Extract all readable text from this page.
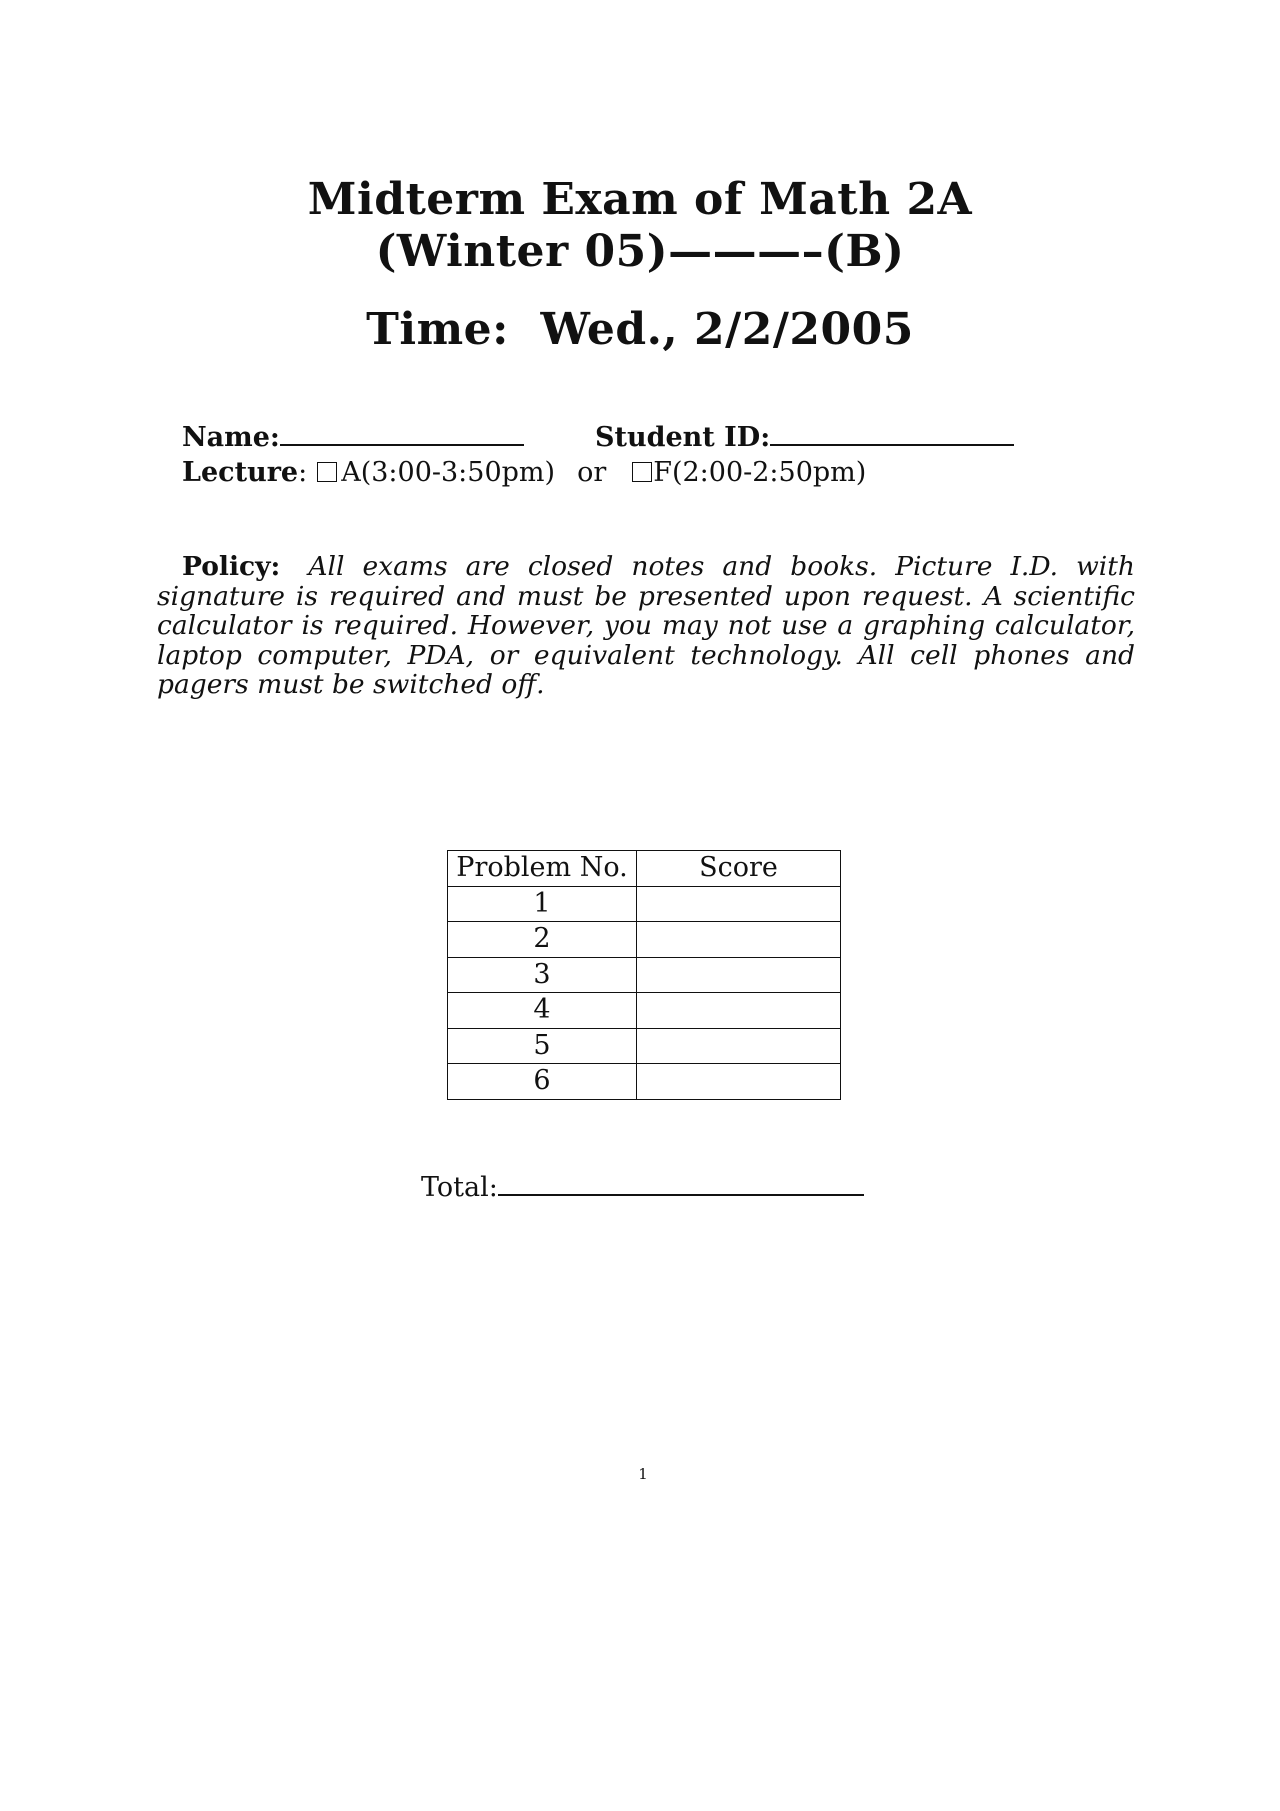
Midterm Exam of Math 2A
(Winter 05)———–(B)
Time:  Wed., 2/2/2005
Name:	Student ID:
Lecture: A(3:00-3:50pm) or F(2:00-2:50pm)
Policy: All exams are closed notes and books. Picture I.D. with signature is required and must be presented upon request. A scientific calculator is required. However, you may not use a graphing calculator, laptop computer, PDA, or equivalent technology. All cell phones and pagers must be switched off.
Problem No.	Score
1	
2	
3	
4	
5	
6	
Total:
1
